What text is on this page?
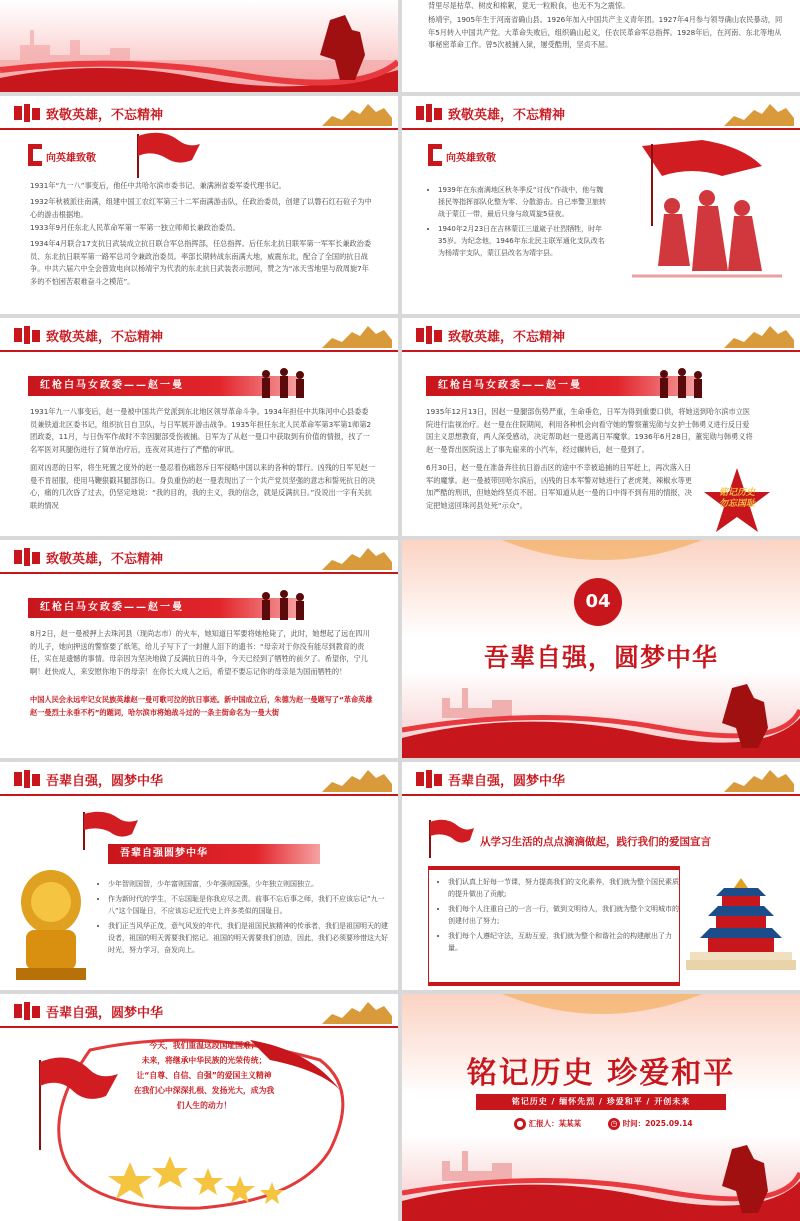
背里尽是枯草、树皮和棉絮，竟无一粒粮食，也无不为之震惊。

杨靖宇，1905年生于河南省确山县。1926年加入中国共产主义青年团。1927年4月参与领导确山农民暴动，同年5月转入中国共产党。大革命失败后，组织确山起义，任农民革命军总指挥。1928年后，在河南、东北等地从事秘密革命工作。曾5次被捕入狱，屡受酷刑，坚贞不屈。

致敬英雄，不忘精神
向英雄致敬

1931年“九一八”事变后，他任中共哈尔滨市委书记、兼满洲省委军委代理书记。

1932年秋被派往南满，组建中国工农红军第三十二军南满游击队，任政治委员，创建了以磐石红石砬子为中心的游击根据地。

1933年9月任东北人民革命军第一军第一独立师师长兼政治委员。

1934年4月联合17支抗日武装成立抗日联合军总指挥部，任总指挥。后任东北抗日联军第一军军长兼政治委员、东北抗日联军第一路军总司令兼政治委员。率部长期转战东南满大地，威震东北，配合了全国的抗日战争。中共六届六中全会曾致电向以杨靖宇为代表的东北抗日武装表示慰问，赞之为“冰天雪地里与敌周旋7年多的不怕困苦艰难奋斗之模范”。

致敬英雄，不忘精神
向英雄致敬
• 1939年在东南满地区秋冬季反“讨伐”作战中，他与魏拯民等指挥部队化整为零、分散游击。自己率警卫旅转战于蒙江一带，最后只身与敌周旋5昼夜。
• 1940年2月23日在吉林蒙江三道崴子壮烈牺牲，时年35岁。为纪念他，1946年东北民主联军通化支队改名为杨靖宇支队，蒙江县改名为靖宇县。
致敬英雄，不忘精神
红枪白马女政委——赵一曼

1931年九一八事变后，赵一曼被中国共产党派到东北地区领导革命斗争。1934年担任中共珠河中心县委委员兼铁道北区委书记，组织抗日自卫队，与日军展开游击战争。1935年担任东北人民革命军第3军第1师第2团政委，11月，与日伪军作战时不幸因腿部受伤被捕。日军为了从赵一曼口中获取到有价值的情报，找了一名军医对其腿伤进行了简单治疗后，连夜对其进行了严酷的审讯。

面对凶恶的日军，将生死置之度外的赵一曼忍着伤痛怒斥日军侵略中国以来的各种的罪行。凶残的日军见赵一曼不肯屈服，使用马鞭狠戳其腿部伤口。身负重伤的赵一曼表现出了一个共产党员坚强的意志和誓死抗日的决心，痛的几次昏了过去，仍坚定地说：“我的目的，我的主义，我的信念，就是反满抗日。”没说出一字有关抗联的情况

致敬英雄，不忘精神
红枪白马女政委——赵一曼

1935年12月13日，因赵一曼腿部伤势严重，生命垂危，日军为得到重要口供，将她送到哈尔滨市立医院进行监视治疗。赵一曼在住院期间，利用各种机会向看守她的警察董宪勋与女护士韩勇义进行反日爱国主义思想教育，两人深受感动，决定帮助赵一曼逃离日军魔掌。1936年6月28日，董宪勋与韩勇义将赵一曼背出医院送上了事先雇来的小汽车，经过辗转后，赵一曼到了。

6月30日，赵一曼在准备奔往抗日游击区的途中不幸被追捕的日军赶上，再次落入日军的魔掌。赵一曼被带回哈尔滨后，凶残的日本军警对她进行了老虎凳、辣椒水等更加严酷的刑讯，但她始终坚贞不屈。日军知道从赵一曼的口中得不到有用的情报，决定把她送回珠河县处死“示众”。

铭记历史
勿忘国耻
致敬英雄，不忘精神
红枪白马女政委——赵一曼

8月2日，赵一曼被押上去珠河县（现尚志市）的火车，她知道日军要将她枪毙了，此时，她想起了远在四川的儿子，她向押送的警察要了纸笔，给儿子写下了一封催人泪下的遗书：“母亲对于你没有能尽到教育的责任，实在是遗憾的事情。母亲因为坚决地做了反满抗日的斗争，今天已经到了牺牲的前夕了。希望你，宁儿啊！赶快成人，来安慰你地下的母亲！在你长大成人之后，希望不要忘记你的母亲是为国而牺牲的！

中国人民会永远牢记女民族英雄赵一曼可歌可泣的抗日事迹。新中国成立后，朱德为赵一曼题写了“革命英雄赵一曼烈士永垂不朽”的题词，哈尔滨市将她战斗过的一条主街命名为一曼大街

04
吾辈自强，圆梦中华
吾辈自强，圆梦中华
吾辈自强圆梦中华
• 少年智则国智，少年富则国富，少年强则国强，少年独立则国独立。
• 作为新时代的学生，不忘国耻是你我应尽之责。前事不忘后事之师，我们不应该忘记“九一八”这个国耻日，不应该忘记近代史上许多类似的国耻日。
• 我们正当风华正茂，意气风发的年代，我们是祖国民族精神的传承者，我们是祖国明天的建设者，祖国的明天需要我们铭记。祖国的明天需要我们创造，因此，我们必须要珍惜这大好时光，努力学习，奋发向上。
吾辈自强，圆梦中华
从学习生活的点点滴滴做起，践行我们的爱国宣言
• 我们认真上好每一节课，努力提高我们的文化素养，我们就为整个国民素质的提升做出了贡献;
• 我们每个人注重自己的一言一行，做到文明待人，我们就为整个文明城市的创建付出了努力;
• 我们每个人遵纪守法，互助互爱，我们就为整个和谐社会的构建献出了力量。
吾辈自强，圆梦中华
今天，我们重温这段国耻国难；
未来，将继承中华民族的光荣传统；
让“自尊、自信、自强”的爱国主义精神
在我们心中深深扎根、发扬光大，成为我
们人生的动力！
铭记历史 珍爱和平
铭记历史 / 缅怀先烈 / 珍爱和平 / 开创未来
● 汇报人：某某某	◷ 时间：2025.09.14
